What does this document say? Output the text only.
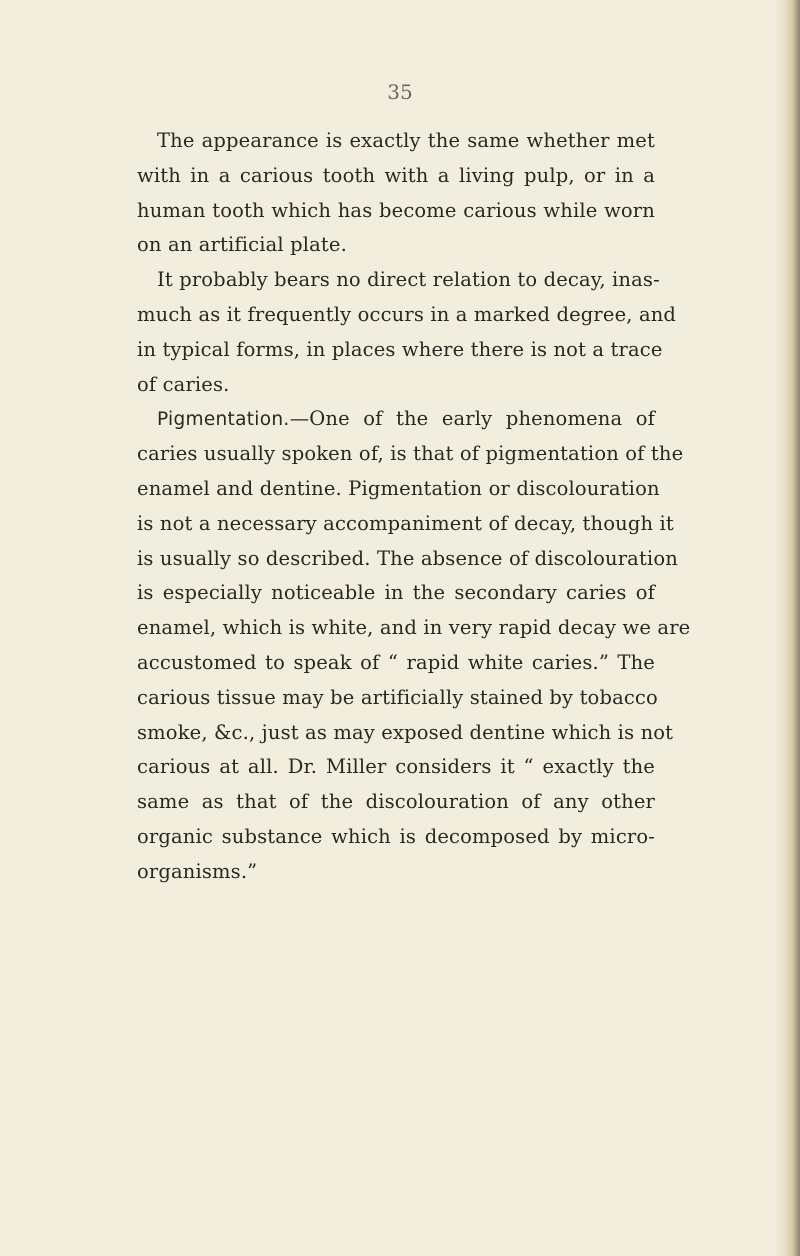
35
The appearance is exactly the same whether met
with in a carious tooth with a living pulp, or in a
human tooth which has become carious while worn
on an artificial plate.
It probably bears no direct relation to decay, inas-
much as it frequently occurs in a marked degree, and
in typical forms, in places where there is not a trace
of caries.
Pigmentation.—One of the early phenomena of
caries usually spoken of, is that of pigmentation of the
enamel and dentine. Pigmentation or discolouration
is not a necessary accompaniment of decay, though it
is usually so described. The absence of discolouration
is especially noticeable in the secondary caries of
enamel, which is white, and in very rapid decay we are
accustomed to speak of “ rapid white caries.” The
carious tissue may be artificially stained by tobacco
smoke, &c., just as may exposed dentine which is not
carious at all. Dr. Miller considers it “ exactly the
same as that of the discolouration of any other
organic substance which is decomposed by micro-
organisms.”
